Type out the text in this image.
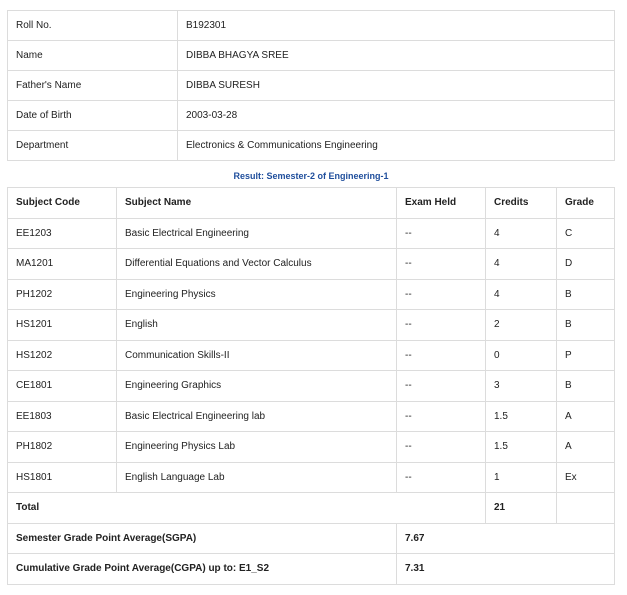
Roll No.	B192301
Name	DIBBA BHAGYA SREE
Father's Name	DIBBA SURESH
Date of Birth	2003-03-28
Department	Electronics & Communications Engineering
Result: Semester-2 of Engineering-1
Subject Code	Subject Name	Exam Held	Credits	Grade
EE1203	Basic Electrical Engineering	--	4	C
MA1201	Differential Equations and Vector Calculus	--	4	D
PH1202	Engineering Physics	--	4	B
HS1201	English	--	2	B
HS1202	Communication Skills-II	--	0	P
CE1801	Engineering Graphics	--	3	B
EE1803	Basic Electrical Engineering lab	--	1.5	A
PH1802	Engineering Physics Lab	--	1.5	A
HS1801	English Language Lab	--	1	Ex
Total			21	
Semester Grade Point Average(SGPA)		7.67		
Cumulative Grade Point Average(CGPA) up to: E1_S2		7.31		
